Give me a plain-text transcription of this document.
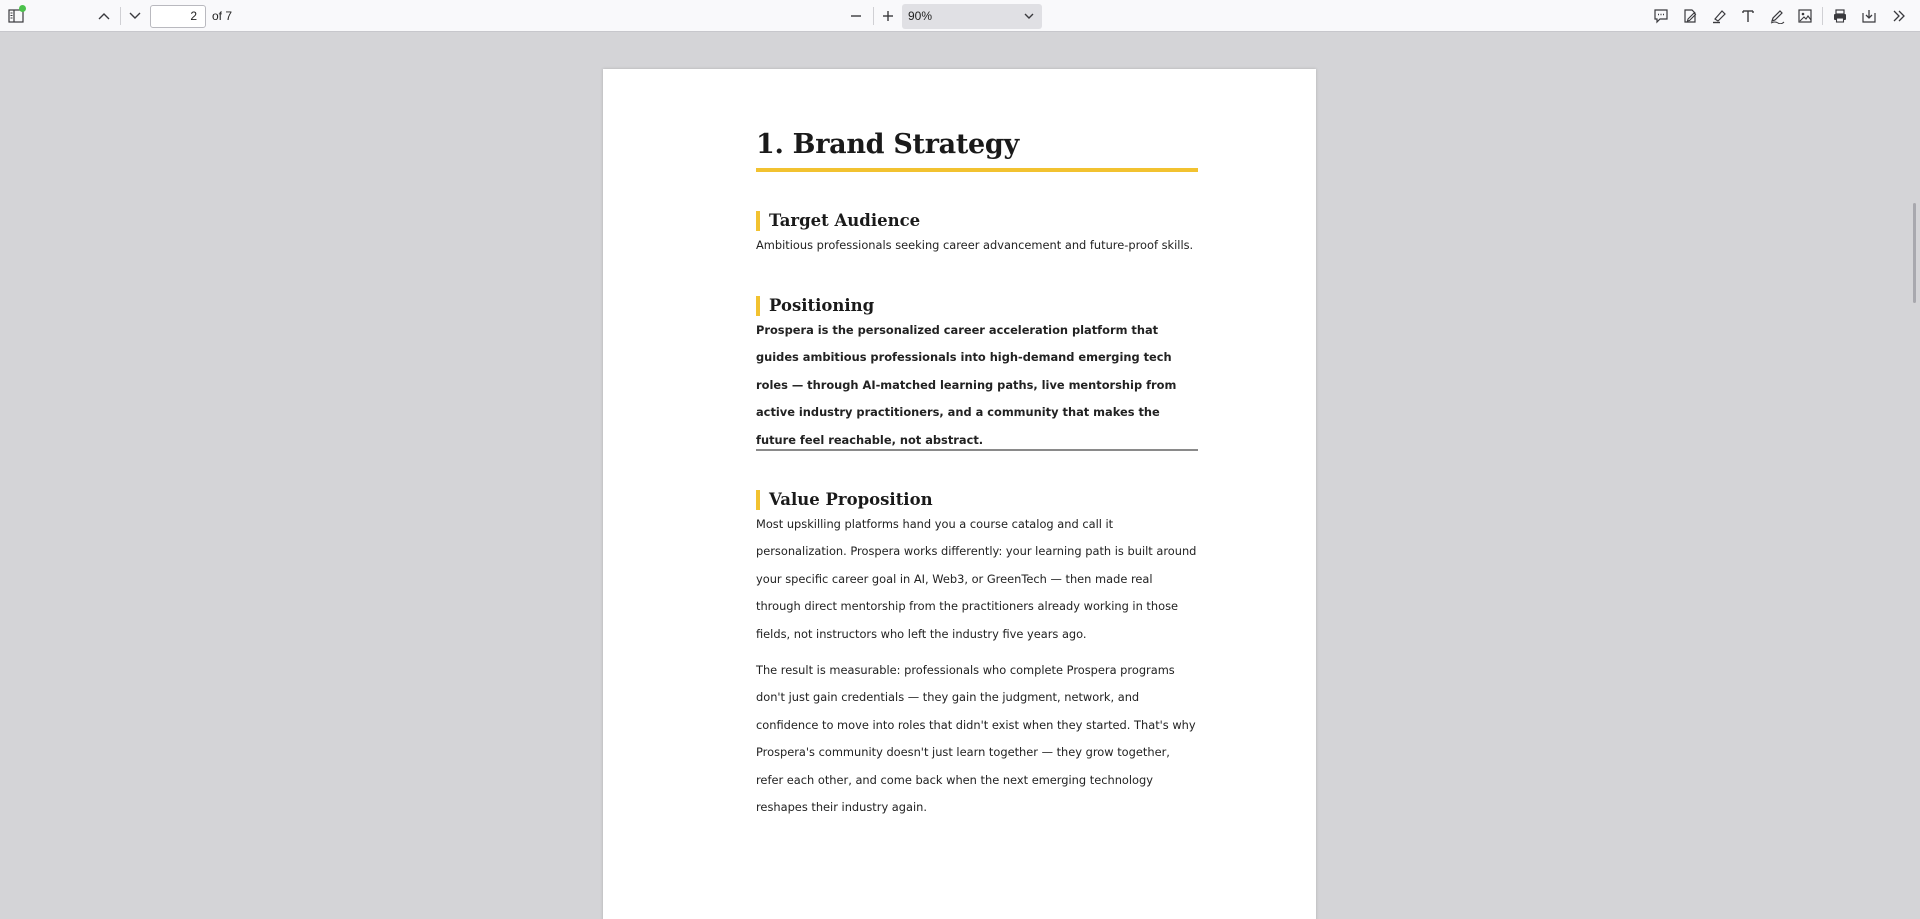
2	of 7	90%
1. Brand Strategy
Target Audience
Ambitious professionals seeking career advancement and future-proof skills.
Positioning
Prospera is the personalized career acceleration platform that guides ambitious professionals into high-demand emerging tech roles — through AI-matched learning paths, live mentorship from active industry practitioners, and a community that makes the future feel reachable, not abstract.
Value Proposition
Most upskilling platforms hand you a course catalog and call it personalization. Prospera works differently: your learning path is built around your specific career goal in AI, Web3, or GreenTech — then made real through direct mentorship from the practitioners already working in those fields, not instructors who left the industry five years ago.
The result is measurable: professionals who complete Prospera programs don't just gain credentials — they gain the judgment, network, and confidence to move into roles that didn't exist when they started. That's why Prospera's community doesn't just learn together — they grow together, refer each other, and come back when the next emerging technology reshapes their industry again.
